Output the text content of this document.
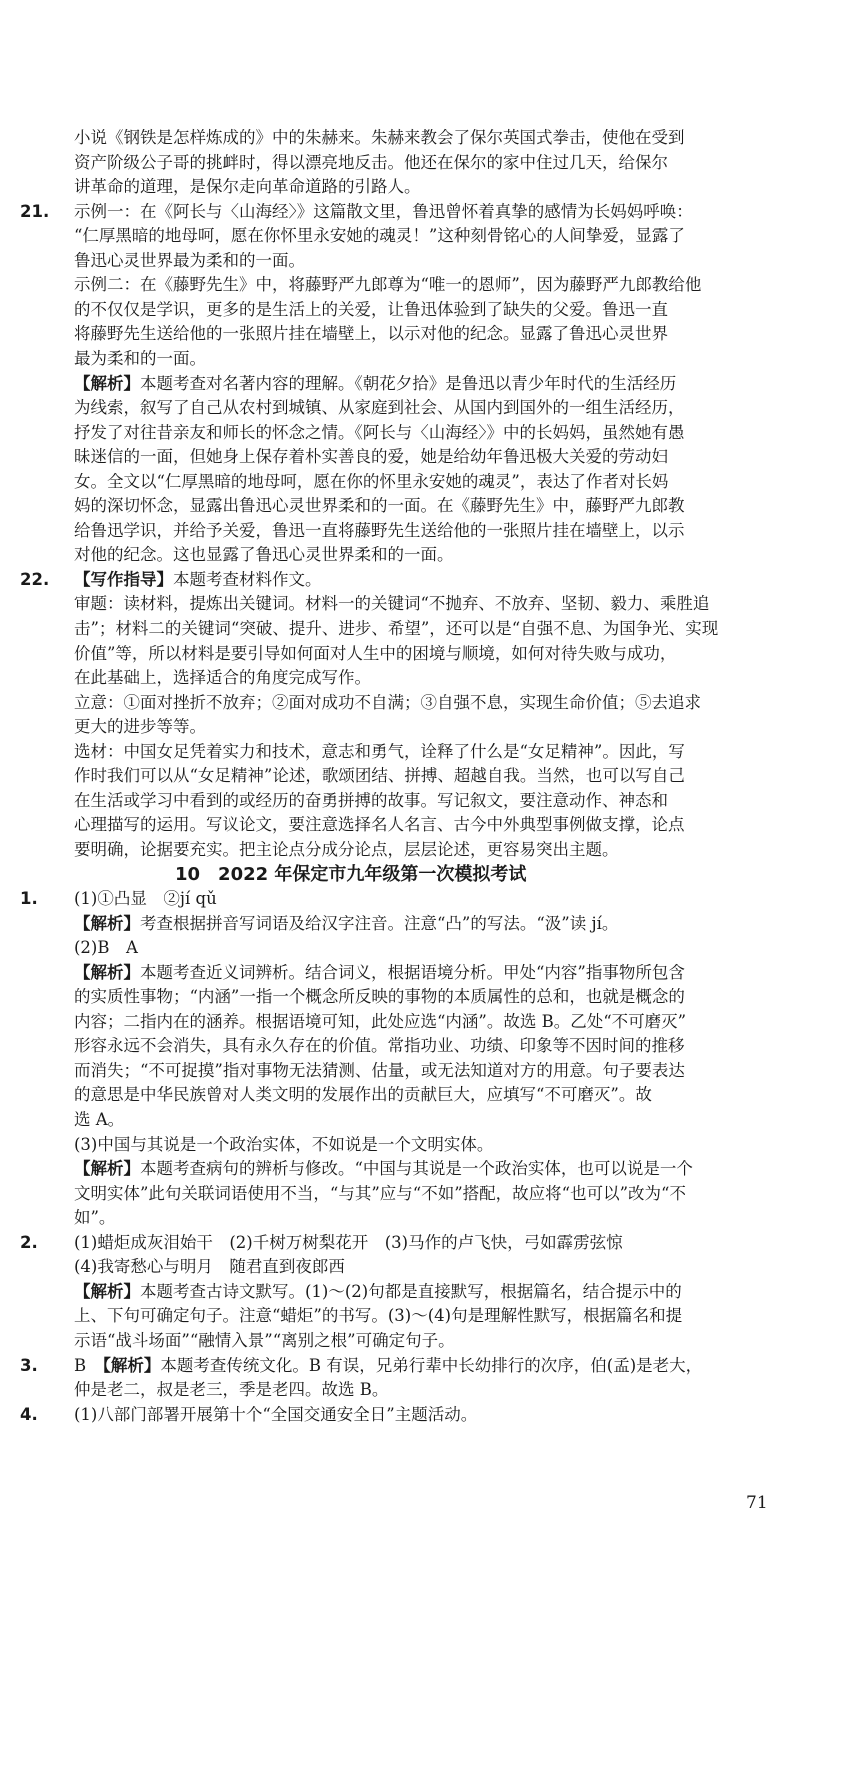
小说《钢铁是怎样炼成的》中的朱赫来。朱赫来教会了保尔英国式拳击，使他在受到
资产阶级公子哥的挑衅时，得以漂亮地反击。他还在保尔的家中住过几天，给保尔
讲革命的道理，是保尔走向革命道路的引路人。
21. 示例一：在《阿长与〈山海经〉》这篇散文里，鲁迅曾怀着真挚的感情为长妈妈呼唤：
“仁厚黑暗的地母呵，愿在你怀里永安她的魂灵！”这种刻骨铭心的人间挚爱，显露了
鲁迅心灵世界最为柔和的一面。
示例二：在《藤野先生》中，将藤野严九郎尊为“唯一的恩师”，因为藤野严九郎教给他
的不仅仅是学识，更多的是生活上的关爱，让鲁迅体验到了缺失的父爱。鲁迅一直
将藤野先生送给他的一张照片挂在墙壁上，以示对他的纪念。显露了鲁迅心灵世界
最为柔和的一面。
【解析】本题考查对名著内容的理解。《朝花夕拾》是鲁迅以青少年时代的生活经历
为线索，叙写了自己从农村到城镇、从家庭到社会、从国内到国外的一组生活经历，
抒发了对往昔亲友和师长的怀念之情。《阿长与〈山海经〉》中的长妈妈，虽然她有愚
昧迷信的一面，但她身上保存着朴实善良的爱，她是给幼年鲁迅极大关爱的劳动妇
女。全文以“仁厚黑暗的地母呵，愿在你的怀里永安她的魂灵”，表达了作者对长妈
妈的深切怀念，显露出鲁迅心灵世界柔和的一面。在《藤野先生》中，藤野严九郎教
给鲁迅学识，并给予关爱，鲁迅一直将藤野先生送给他的一张照片挂在墙壁上，以示
对他的纪念。这也显露了鲁迅心灵世界柔和的一面。
22. 【写作指导】本题考查材料作文。
审题：读材料，提炼出关键词。材料一的关键词“不抛弃、不放弃、坚韧、毅力、乘胜追
击”；材料二的关键词“突破、提升、进步、希望”，还可以是“自强不息、为国争光、实现
价值”等，所以材料是要引导如何面对人生中的困境与顺境，如何对待失败与成功，
在此基础上，选择适合的角度完成写作。
立意：①面对挫折不放弃；②面对成功不自满；③自强不息，实现生命价值；⑤去追求
更大的进步等等。
选材：中国女足凭着实力和技术，意志和勇气，诠释了什么是“女足精神”。因此，写
作时我们可以从“女足精神”论述，歌颂团结、拼搏、超越自我。当然，也可以写自己
在生活或学习中看到的或经历的奋勇拼搏的故事。写记叙文，要注意动作、神态和
心理描写的运用。写议论文，要注意选择名人名言、古今中外典型事例做支撑，论点
要明确，论据要充实。把主论点分成分论点，层层论述，更容易突出主题。
10　2022 年保定市九年级第一次模拟考试
1. (1)①凸显　②jí qǔ
【解析】考查根据拼音写词语及给汉字注音。注意“凸”的写法。“汲”读 jí。
(2)B　A
【解析】本题考查近义词辨析。结合词义，根据语境分析。甲处“内容”指事物所包含
的实质性事物；“内涵”一指一个概念所反映的事物的本质属性的总和，也就是概念的
内容；二指内在的涵养。根据语境可知，此处应选“内涵”。故选 B。乙处“不可磨灭”
形容永远不会消失，具有永久存在的价值。常指功业、功绩、印象等不因时间的推移
而消失；“不可捉摸”指对事物无法猜测、估量，或无法知道对方的用意。句子要表达
的意思是中华民族曾对人类文明的发展作出的贡献巨大，应填写“不可磨灭”。故
选 A。
(3)中国与其说是一个政治实体，不如说是一个文明实体。
【解析】本题考查病句的辨析与修改。“中国与其说是一个政治实体，也可以说是一个
文明实体”此句关联词语使用不当，“与其”应与“不如”搭配，故应将“也可以”改为“不
如”。
2. (1)蜡炬成灰泪始干　(2)千树万树梨花开　(3)马作的卢飞快，弓如霹雳弦惊
(4)我寄愁心与明月　随君直到夜郎西
【解析】本题考查古诗文默写。(1)～(2)句都是直接默写，根据篇名，结合提示中的
上、下句可确定句子。注意“蜡炬”的书写。(3)～(4)句是理解性默写，根据篇名和提
示语“战斗场面”“融情入景”“离别之根”可确定句子。
3. B　【解析】本题考查传统文化。B 有误，兄弟行辈中长幼排行的次序，伯(孟)是老大，
仲是老二，叔是老三，季是老四。故选 B。
4. (1)八部门部署开展第十个“全国交通安全日”主题活动。
71
